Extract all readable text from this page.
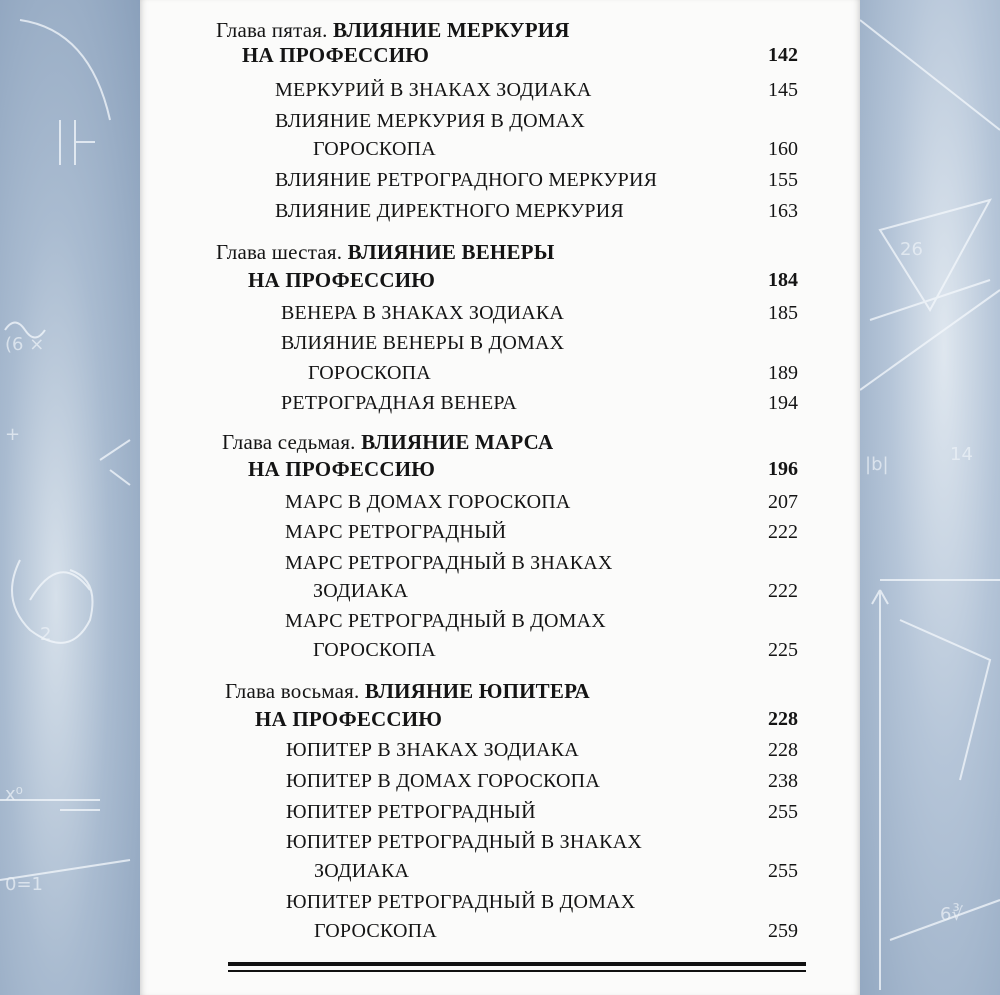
(6 ×
+
2
x⁰
0=1
26
|b|	14
6∛
Глава пятая. ВЛИЯНИЕ МЕРКУРИЯ
НА ПРОФЕССИЮ	142
МЕРКУРИЙ В ЗНАКАХ ЗОДИАКА	145
ВЛИЯНИЕ МЕРКУРИЯ В ДОМАХ
ГОРОСКОПА	160
ВЛИЯНИЕ РЕТРОГРАДНОГО МЕРКУРИЯ	155
ВЛИЯНИЕ ДИРЕКТНОГО МЕРКУРИЯ	163
Глава шестая. ВЛИЯНИЕ ВЕНЕРЫ
НА ПРОФЕССИЮ	184
ВЕНЕРА В ЗНАКАХ ЗОДИАКА	185
ВЛИЯНИЕ ВЕНЕРЫ В ДОМАХ
ГОРОСКОПА	189
РЕТРОГРАДНАЯ ВЕНЕРА	194
Глава седьмая. ВЛИЯНИЕ МАРСА
НА ПРОФЕССИЮ	196
МАРС В ДОМАХ ГОРОСКОПА	207
МАРС РЕТРОГРАДНЫЙ	222
МАРС РЕТРОГРАДНЫЙ В ЗНАКАХ
ЗОДИАКА	222
МАРС РЕТРОГРАДНЫЙ В ДОМАХ
ГОРОСКОПА	225
Глава восьмая. ВЛИЯНИЕ ЮПИТЕРА
НА ПРОФЕССИЮ	228
ЮПИТЕР В ЗНАКАХ ЗОДИАКА	228
ЮПИТЕР В ДОМАХ ГОРОСКОПА	238
ЮПИТЕР РЕТРОГРАДНЫЙ	255
ЮПИТЕР РЕТРОГРАДНЫЙ В ЗНАКАХ
ЗОДИАКА	255
ЮПИТЕР РЕТРОГРАДНЫЙ В ДОМАХ
ГОРОСКОПА	259
